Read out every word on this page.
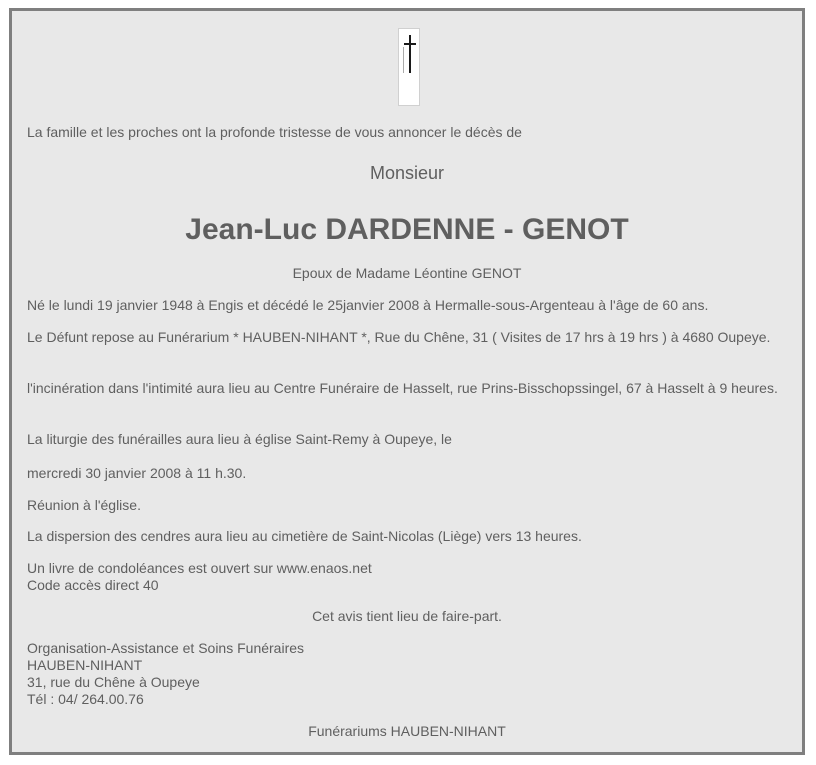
La famille et les proches ont la profonde tristesse de vous annoncer le décès de
Monsieur
Jean-Luc DARDENNE - GENOT
Epoux de Madame Léontine GENOT
Né le lundi 19 janvier 1948 à Engis et décédé le 25janvier 2008 à Hermalle-sous-Argenteau à l'âge de 60 ans.
Le Défunt repose au Funérarium * HAUBEN-NIHANT *, Rue du Chêne, 31 ( Visites de 17 hrs à 19 hrs ) à 4680 Oupeye.
l'incinération dans l'intimité aura lieu au Centre Funéraire de Hasselt, rue Prins-Bisschopssingel, 67 à Hasselt à 9 heures.
La liturgie des funérailles aura lieu à église Saint-Remy à Oupeye, le
mercredi 30 janvier 2008 à 11 h.30.
Réunion à l'église.
La dispersion des cendres aura lieu au cimetière de Saint-Nicolas (Liège) vers 13 heures.
Un livre de condoléances est ouvert sur www.enaos.net
Code accès direct 40
Cet avis tient lieu de faire-part.
Organisation-Assistance et Soins Funéraires
HAUBEN-NIHANT
31, rue du Chêne à Oupeye
Tél : 04/ 264.00.76
Funérariums HAUBEN-NIHANT
